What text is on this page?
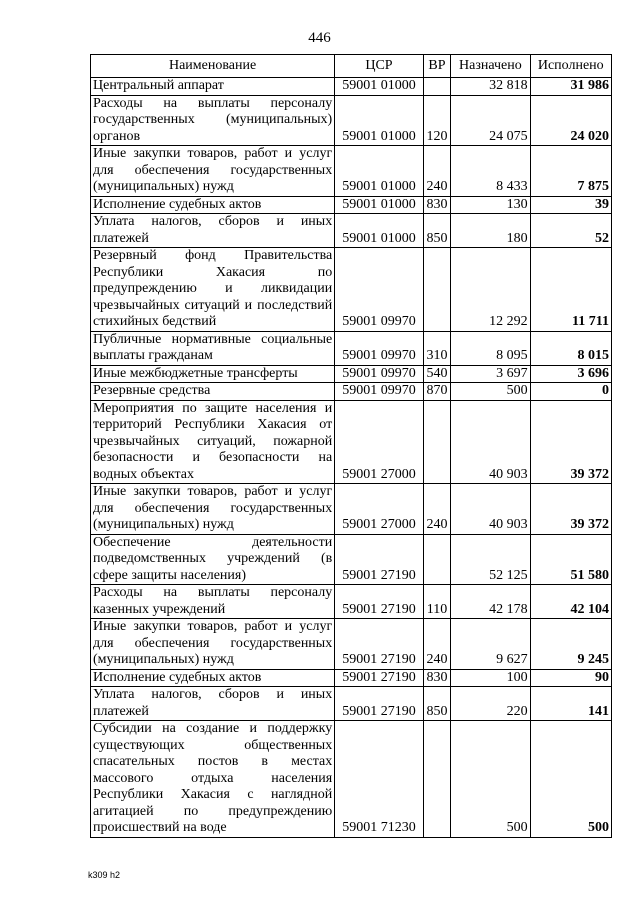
446
Наименование	ЦСР	ВР	Назначено	Исполнено
Центральный аппарат	59001 01000		32 818	31 986
Расходы на выплаты персоналу государственных (муниципальных) органов	59001 01000	120	24 075	24 020
Иные закупки товаров, работ и услуг для обеспечения государственных (муниципальных) нужд	59001 01000	240	8 433	7 875
Исполнение судебных актов	59001 01000	830	130	39
Уплата налогов, сборов и иных платежей	59001 01000	850	180	52
Резервный фонд Правительства Республики Хакасия по предупреждению и ликвидации чрезвычайных ситуаций и последствий стихийных бедствий	59001 09970		12 292	11 711
Публичные нормативные социальные выплаты гражданам	59001 09970	310	8 095	8 015
Иные межбюджетные трансферты	59001 09970	540	3 697	3 696
Резервные средства	59001 09970	870	500	0
Мероприятия по защите населения и территорий Республики Хакасия от чрезвычайных ситуаций, пожарной безопасности и безопасности на водных объектах	59001 27000		40 903	39 372
Иные закупки товаров, работ и услуг для обеспечения государственных (муниципальных) нужд	59001 27000	240	40 903	39 372
Обеспечение деятельности подведомственных учреждений (в сфере защиты населения)	59001 27190		52 125	51 580
Расходы на выплаты персоналу казенных учреждений	59001 27190	110	42 178	42 104
Иные закупки товаров, работ и услуг для обеспечения государственных (муниципальных) нужд	59001 27190	240	9 627	9 245
Исполнение судебных актов	59001 27190	830	100	90
Уплата налогов, сборов и иных платежей	59001 27190	850	220	141
Субсидии на создание и поддержку существующих общественных спасательных постов в местах массового отдыха населения Республики Хакасия с наглядной агитацией по предупреждению происшествий на воде	59001 71230		500	500
k309 h2
